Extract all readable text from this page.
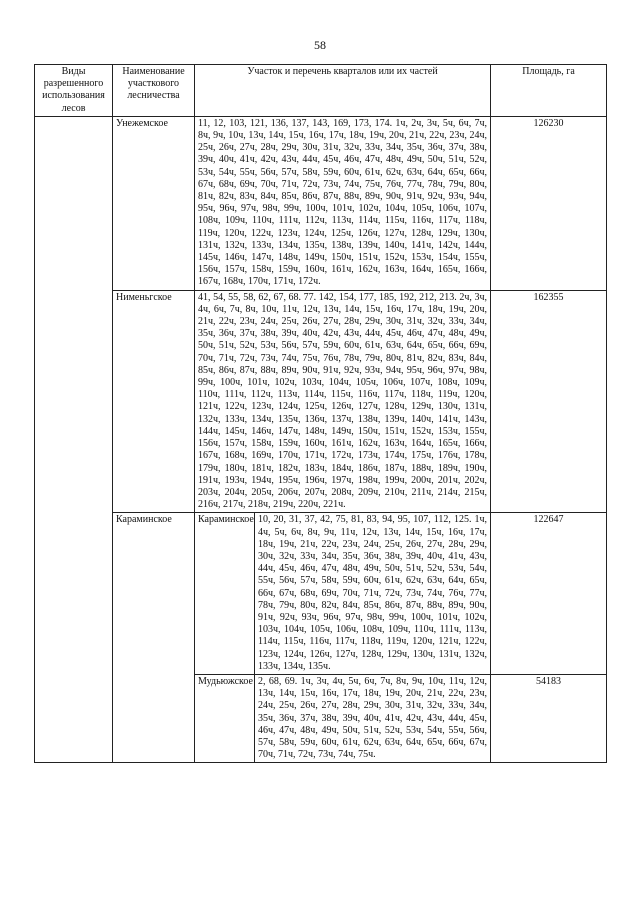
58
Виды разрешенного использования лесов	Наименование участкового лесничества	Участок и перечень кварталов или их частей		Площадь, га
	Унежемское	11, 12, 103, 121, 136, 137, 143, 169, 173, 174. 1ч, 2ч, 3ч, 5ч, 6ч, 7ч, 8ч, 9ч, 10ч, 13ч, 14ч, 15ч, 16ч, 17ч, 18ч, 19ч, 20ч, 21ч, 22ч, 23ч, 24ч, 25ч, 26ч, 27ч, 28ч, 29ч, 30ч, 31ч, 32ч, 33ч, 34ч, 35ч, 36ч, 37ч, 38ч, 39ч, 40ч, 41ч, 42ч, 43ч, 44ч, 45ч, 46ч, 47ч, 48ч, 49ч, 50ч, 51ч, 52ч, 53ч, 54ч, 55ч, 56ч, 57ч, 58ч, 59ч, 60ч, 61ч, 62ч, 63ч, 64ч, 65ч, 66ч, 67ч, 68ч, 69ч, 70ч, 71ч, 72ч, 73ч, 74ч, 75ч, 76ч, 77ч, 78ч, 79ч, 80ч, 81ч, 82ч, 83ч, 84ч, 85ч, 86ч, 87ч, 88ч, 89ч, 90ч, 91ч, 92ч, 93ч, 94ч, 95ч, 96ч, 97ч, 98ч, 99ч, 100ч, 101ч, 102ч, 104ч, 105ч, 106ч, 107ч, 108ч, 109ч, 110ч, 111ч, 112ч, 113ч, 114ч, 115ч, 116ч, 117ч, 118ч, 119ч, 120ч, 122ч, 123ч, 124ч, 125ч, 126ч, 127ч, 128ч, 129ч, 130ч, 131ч, 132ч, 133ч, 134ч, 135ч, 138ч, 139ч, 140ч, 141ч, 142ч, 144ч, 145ч, 146ч, 147ч, 148ч, 149ч, 150ч, 151ч, 152ч, 153ч, 154ч, 155ч, 156ч, 157ч, 158ч, 159ч, 160ч, 161ч, 162ч, 163ч, 164ч, 165ч, 166ч, 167ч, 168ч, 170ч, 171ч, 172ч.		126230
	Нименьгское	41, 54, 55, 58, 62, 67, 68. 77. 142, 154, 177, 185, 192, 212, 213. 2ч, 3ч, 4ч, 6ч, 7ч, 8ч, 10ч, 11ч, 12ч, 13ч, 14ч, 15ч, 16ч, 17ч, 18ч, 19ч, 20ч, 21ч, 22ч, 23ч, 24ч, 25ч, 26ч, 27ч, 28ч, 29ч, 30ч, 31ч, 32ч, 33ч, 34ч, 35ч, 36ч, 37ч, 38ч, 39ч, 40ч, 42ч, 43ч, 44ч, 45ч, 46ч, 47ч, 48ч, 49ч, 50ч, 51ч, 52ч, 53ч, 56ч, 57ч, 59ч, 60ч, 61ч, 63ч, 64ч, 65ч, 66ч, 69ч, 70ч, 71ч, 72ч, 73ч, 74ч, 75ч, 76ч, 78ч, 79ч, 80ч, 81ч, 82ч, 83ч, 84ч, 85ч, 86ч, 87ч, 88ч, 89ч, 90ч, 91ч, 92ч, 93ч, 94ч, 95ч, 96ч, 97ч, 98ч, 99ч, 100ч, 101ч, 102ч, 103ч, 104ч, 105ч, 106ч, 107ч, 108ч, 109ч, 110ч, 111ч, 112ч, 113ч, 114ч, 115ч, 116ч, 117ч, 118ч, 119ч, 120ч, 121ч, 122ч, 123ч, 124ч, 125ч, 126ч, 127ч, 128ч, 129ч, 130ч, 131ч, 132ч, 133ч, 134ч, 135ч, 136ч, 137ч, 138ч, 139ч, 140ч, 141ч, 143ч, 144ч, 145ч, 146ч, 147ч, 148ч, 149ч, 150ч, 151ч, 152ч, 153ч, 155ч, 156ч, 157ч, 158ч, 159ч, 160ч, 161ч, 162ч, 163ч, 164ч, 165ч, 166ч, 167ч, 168ч, 169ч, 170ч, 171ч, 172ч, 173ч, 174ч, 175ч, 176ч, 178ч, 179ч, 180ч, 181ч, 182ч, 183ч, 184ч, 186ч, 187ч, 188ч, 189ч, 190ч, 191ч, 193ч, 194ч, 195ч, 196ч, 197ч, 198ч, 199ч, 200ч, 201ч, 202ч, 203ч, 204ч, 205ч, 206ч, 207ч, 208ч, 209ч, 210ч, 211ч, 214ч, 215ч, 216ч, 217ч, 218ч, 219ч, 220ч, 221ч.		162355
	Караминское	Караминское	10, 20, 31, 37, 42, 75, 81, 83, 94, 95, 107, 112, 125. 1ч, 4ч, 5ч, 6ч, 8ч, 9ч, 11ч, 12ч, 13ч, 14ч, 15ч, 16ч, 17ч, 18ч, 19ч, 21ч, 22ч, 23ч, 24ч, 25ч, 26ч, 27ч, 28ч, 29ч, 30ч, 32ч, 33ч, 34ч, 35ч, 36ч, 38ч, 39ч, 40ч, 41ч, 43ч, 44ч, 45ч, 46ч, 47ч, 48ч, 49ч, 50ч, 51ч, 52ч, 53ч, 54ч, 55ч, 56ч, 57ч, 58ч, 59ч, 60ч, 61ч, 62ч, 63ч, 64ч, 65ч, 66ч, 67ч, 68ч, 69ч, 70ч, 71ч, 72ч, 73ч, 74ч, 76ч, 77ч, 78ч, 79ч, 80ч, 82ч, 84ч, 85ч, 86ч, 87ч, 88ч, 89ч, 90ч, 91ч, 92ч, 93ч, 96ч, 97ч, 98ч, 99ч, 100ч, 101ч, 102ч, 103ч, 104ч, 105ч, 106ч, 108ч, 109ч, 110ч, 111ч, 113ч, 114ч, 115ч, 116ч, 117ч, 118ч, 119ч, 120ч, 121ч, 122ч, 123ч, 124ч, 126ч, 127ч, 128ч, 129ч, 130ч, 131ч, 132ч, 133ч, 134ч, 135ч.	122647
		Мудьюжское	2, 68, 69. 1ч, 3ч, 4ч, 5ч, 6ч, 7ч, 8ч, 9ч, 10ч, 11ч, 12ч, 13ч, 14ч, 15ч, 16ч, 17ч, 18ч, 19ч, 20ч, 21ч, 22ч, 23ч, 24ч, 25ч, 26ч, 27ч, 28ч, 29ч, 30ч, 31ч, 32ч, 33ч, 34ч, 35ч, 36ч, 37ч, 38ч, 39ч, 40ч, 41ч, 42ч, 43ч, 44ч, 45ч, 46ч, 47ч, 48ч, 49ч, 50ч, 51ч, 52ч, 53ч, 54ч, 55ч, 56ч, 57ч, 58ч, 59ч, 60ч, 61ч, 62ч, 63ч, 64ч, 65ч, 66ч, 67ч, 70ч, 71ч, 72ч, 73ч, 74ч, 75ч.	54183
